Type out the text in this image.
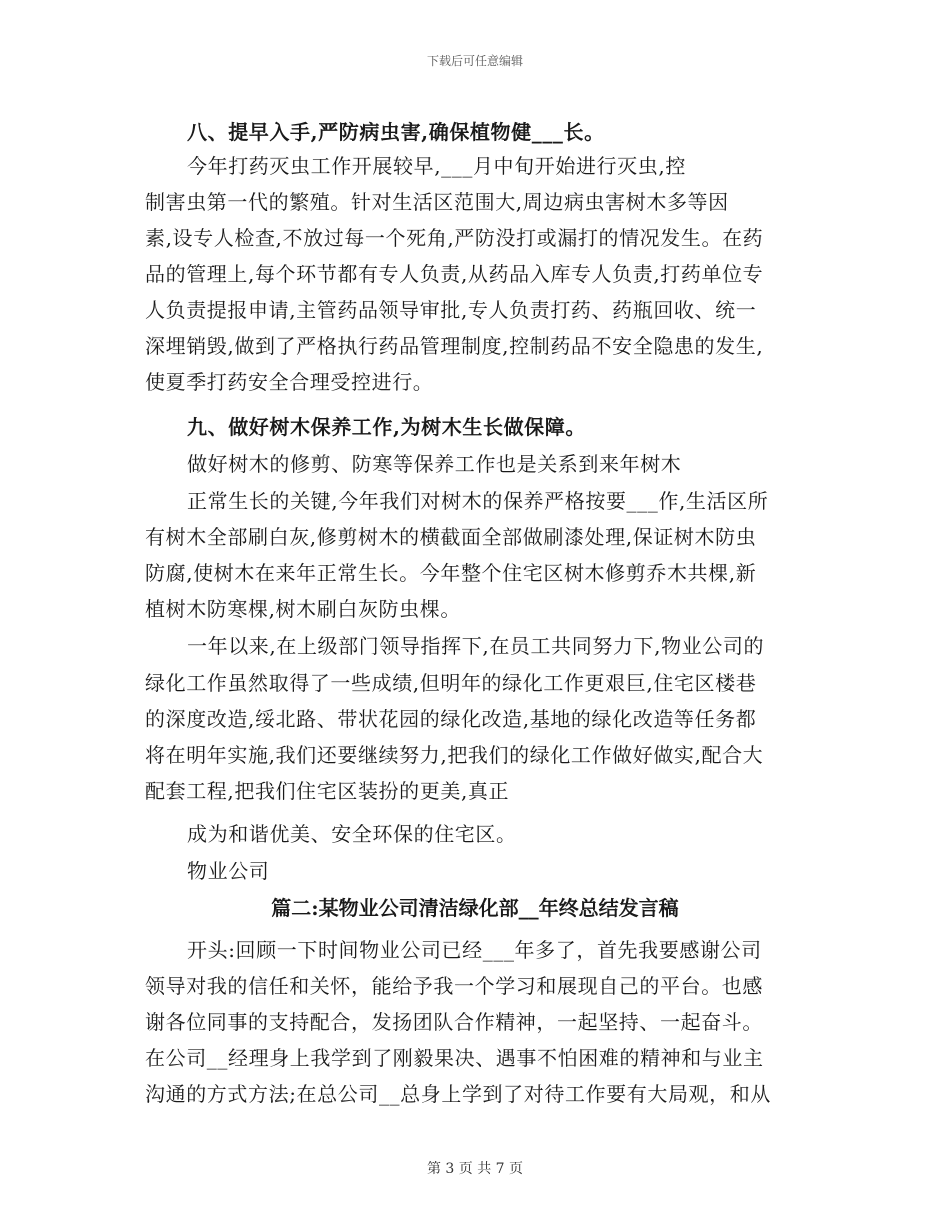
下载后可任意编辑
八、提早入手,严防病虫害,确保植物健___长。
今年打药灭虫工作开展较早,___月中旬开始进行灭虫,控
制害虫第一代的繁殖。针对生活区范围大,周边病虫害树木多等因
素,设专人检查,不放过每一个死角,严防没打或漏打的情况发生。在药
品的管理上,每个环节都有专人负责,从药品入库专人负责,打药单位专
人负责提报申请,主管药品领导审批,专人负责打药、药瓶回收、统一
深埋销毁,做到了严格执行药品管理制度,控制药品不安全隐患的发生,
使夏季打药安全合理受控进行。
九、做好树木保养工作,为树木生长做保障。
做好树木的修剪、防寒等保养工作也是关系到来年树木
正常生长的关键,今年我们对树木的保养严格按要___作,生活区所
有树木全部刷白灰,修剪树木的横截面全部做刷漆处理,保证树木防虫
防腐,使树木在来年正常生长。今年整个住宅区树木修剪乔木共棵,新
植树木防寒棵,树木刷白灰防虫棵。
一年以来,在上级部门领导指挥下,在员工共同努力下,物业公司的
绿化工作虽然取得了一些成绩,但明年的绿化工作更艰巨,住宅区楼巷
的深度改造,绥北路、带状花园的绿化改造,基地的绿化改造等任务都
将在明年实施,我们还要继续努力,把我们的绿化工作做好做实,配合大
配套工程,把我们住宅区装扮的更美,真正
成为和谐优美、安全环保的住宅区。
物业公司
篇二:某物业公司清洁绿化部__年终总结发言稿
开头:回顾一下时间物业公司已经___年多了，首先我要感谢公司
领导对我的信任和关怀，能给予我一个学习和展现自己的平台。也感
谢各位同事的支持配合，发扬团队合作精神，一起坚持、一起奋斗。
在公司__经理身上我学到了刚毅果决、遇事不怕困难的精神和与业主
沟通的方式方法;在总公司__总身上学到了对待工作要有大局观，和从
第 3 页 共 7 页
